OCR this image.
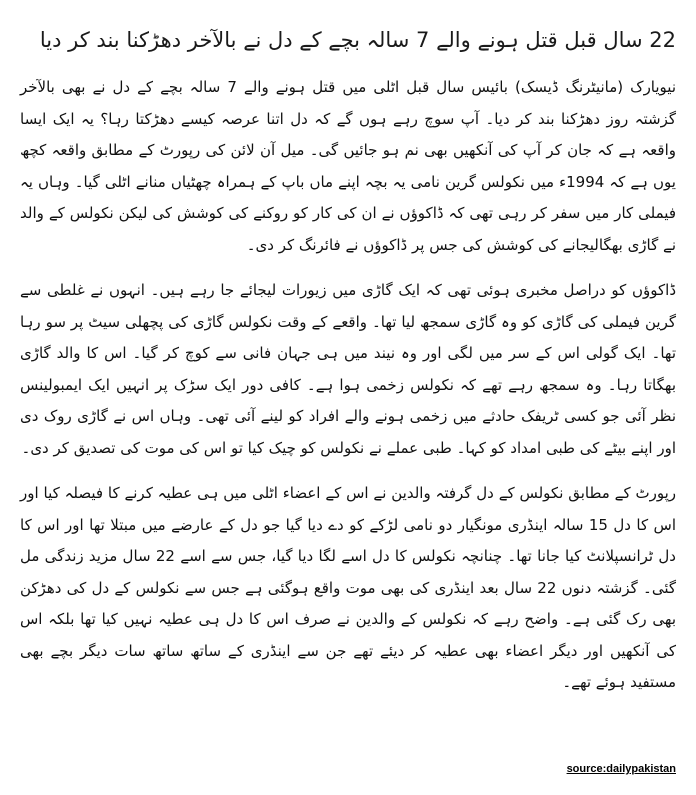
22 سال قبل قتل ہونے والے 7 سالہ بچے کے دل نے بالآخر دھڑکنا بند کر دیا

نیویارک (مانیٹرنگ ڈیسک) بائیس سال قبل اٹلی میں قتل ہونے والے 7 سالہ بچے کے دل نے بھی بالآخر گزشتہ روز دھڑکنا بند کر دیا۔ آپ سوچ رہے ہوں گے کہ دل اتنا عرصہ کیسے دھڑکتا رہا؟ یہ ایک ایسا واقعہ ہے کہ جان کر آپ کی آنکھیں بھی نم ہو جائیں گی۔ میل آن لائن کی رپورٹ کے مطابق واقعہ کچھ یوں ہے کہ 1994ء میں نکولس گرین نامی یہ بچہ اپنے ماں باپ کے ہمراہ چھٹیاں منانے اٹلی گیا۔ وہاں یہ فیملی کار میں سفر کر رہی تھی کہ ڈاکوؤں نے ان کی کار کو روکنے کی کوشش کی لیکن نکولس کے والد نے گاڑی بھگالیجانے کی کوشش کی جس پر ڈاکوؤں نے فائرنگ کر دی۔

ڈاکوؤں کو دراصل مخبری ہوئی تھی کہ ایک گاڑی میں زیورات لیجائے جا رہے ہیں۔ انہوں نے غلطی سے گرین فیملی کی گاڑی کو وہ گاڑی سمجھ لیا تھا۔ واقعے کے وقت نکولس گاڑی کی پچھلی سیٹ پر سو رہا تھا۔ ایک گولی اس کے سر میں لگی اور وہ نیند میں ہی جہان فانی سے کوچ کر گیا۔ اس کا والد گاڑی بھگاتا رہا۔ وہ سمجھ رہے تھے کہ نکولس زخمی ہوا ہے۔ کافی دور ایک سڑک پر انہیں ایک ایمبولینس نظر آئی جو کسی ٹریفک حادثے میں زخمی ہونے والے افراد کو لینے آئی تھی۔ وہاں اس نے گاڑی روک دی اور اپنے بیٹے کی طبی امداد کو کہا۔ طبی عملے نے نکولس کو چیک کیا تو اس کی موت کی تصدیق کر دی۔

رپورٹ کے مطابق نکولس کے دل گرفتہ والدین نے اس کے اعضاء اٹلی میں ہی عطیہ کرنے کا فیصلہ کیا اور اس کا دل 15 سالہ اینڈری مونگیار دو نامی لڑکے کو دے دیا گیا جو دل کے عارضے میں مبتلا تھا اور اس کا دل ٹرانسپلانٹ کیا جانا تھا۔ چنانچہ نکولس کا دل اسے لگا دیا گیا، جس سے اسے 22 سال مزید زندگی مل گئی۔ گزشتہ دنوں 22 سال بعد اینڈری کی بھی موت واقع ہوگئی ہے جس سے نکولس کے دل کی دھڑکن بھی رک گئی ہے۔ واضح رہے کہ نکولس کے والدین نے صرف اس کا دل ہی عطیہ نہیں کیا تھا بلکہ اس کی آنکھیں اور دیگر اعضاء بھی عطیہ کر دیئے تھے جن سے اینڈری کے ساتھ ساتھ سات دیگر بچے بھی مستفید ہوئے تھے۔

source:dailypakistan
